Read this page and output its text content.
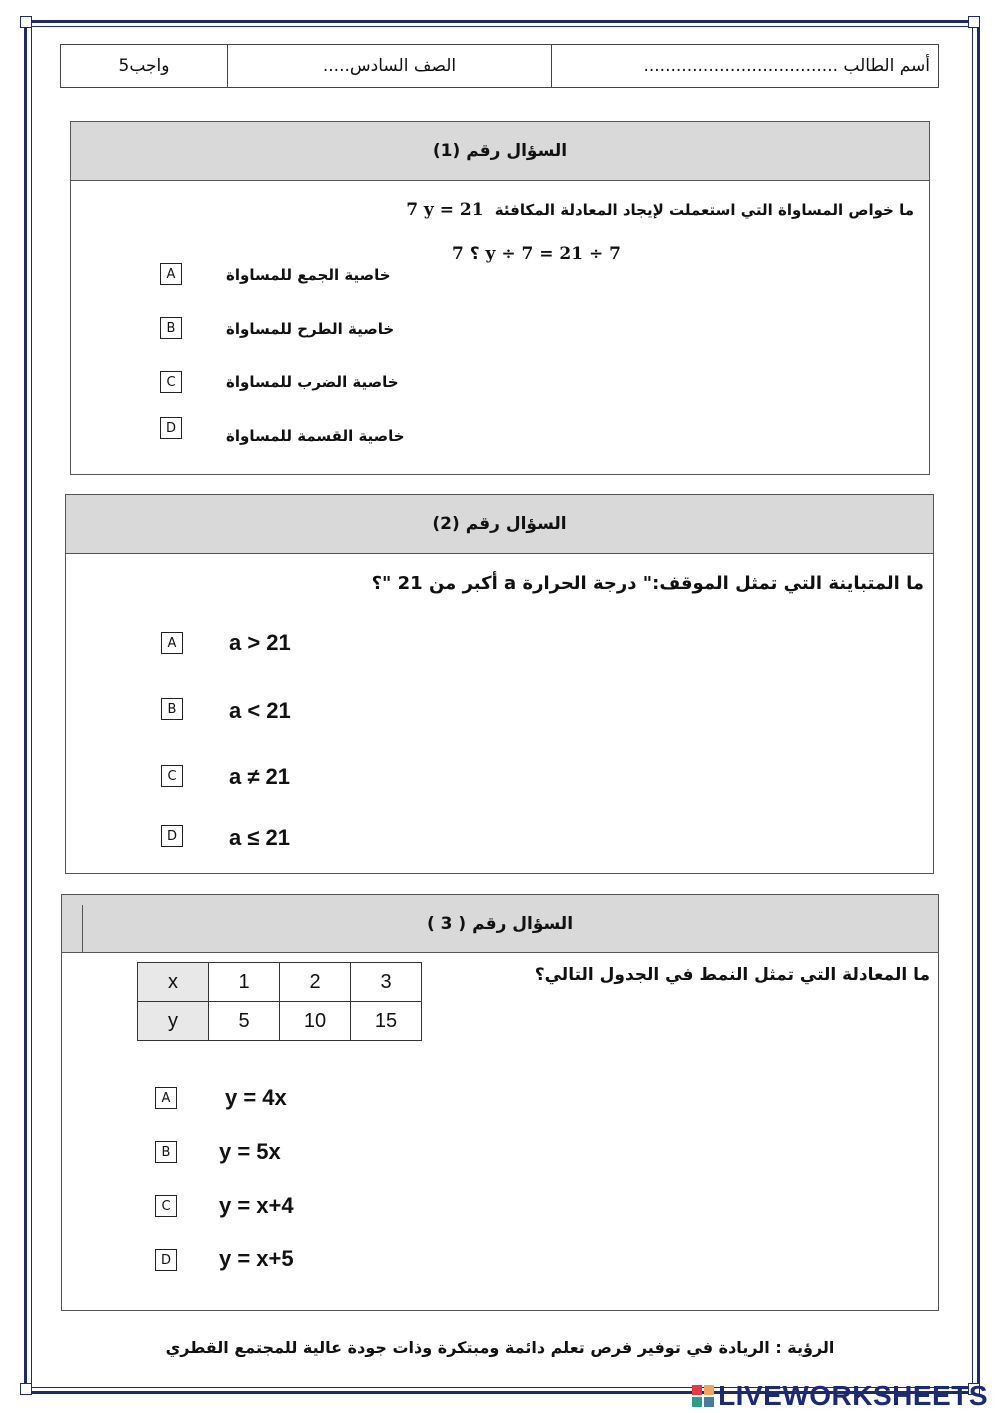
واجب5	الصف السادس.....	أسم الطالب ....................................
السؤال رقم (1)
ما خواص المساواة التي استعملت لإيجاد المعادلة المكافئة 7 y = 21
؟ 7 y ÷ 7 = 21 ÷ 7
A	خاصية الجمع للمساواة
B	خاصية الطرح للمساواة
C	خاصية الضرب للمساواة
D	خاصية القسمة للمساواة
السؤال رقم (2)
ما المتباينة التي تمثل الموقف:" درجة الحرارة a أكبر من 21 "؟
A a > 21
B a < 21
C a ≠ 21
D a ≤ 21
السؤال رقم ( 3 )
ما المعادلة التي تمثل النمط في الجدول التالي؟
x	1	2	3
y	5	10	15
A y = 4x
B y = 5x
C y = x+4
D y = x+5
الرؤية : الريادة في توفير فرص تعلم دائمة ومبتكرة وذات جودة عالية للمجتمع القطري
LIVEWORKSHEETS
